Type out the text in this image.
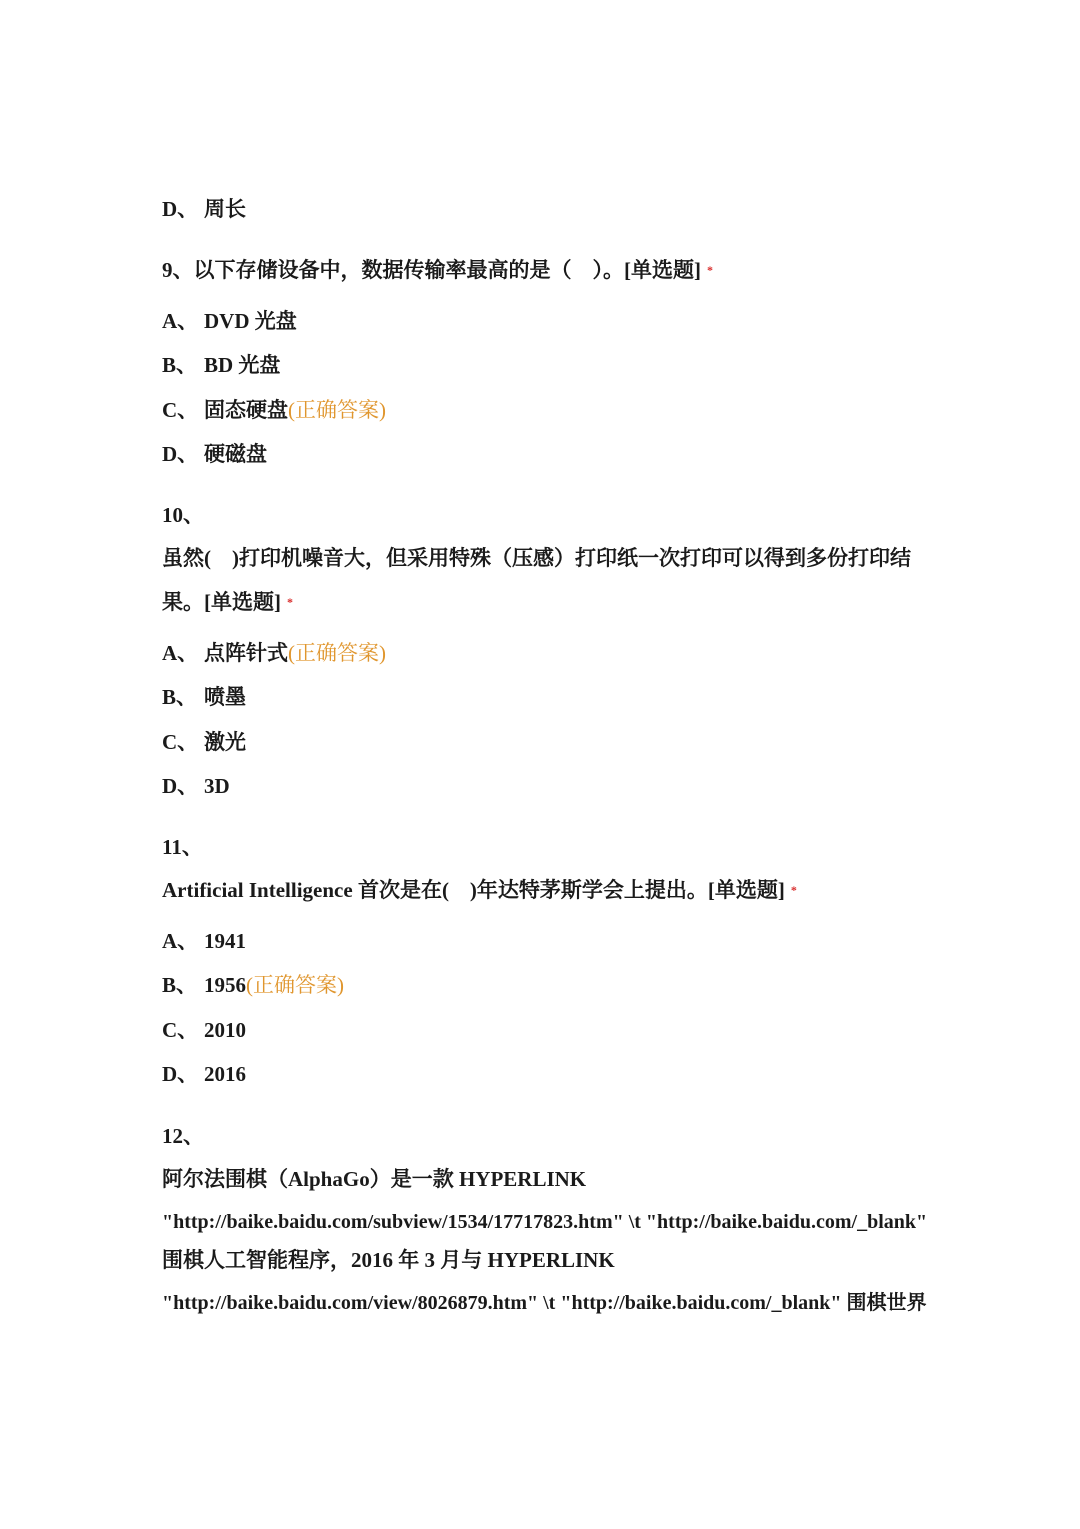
D、 周长
9、以下存储设备中，数据传输率最高的是（　）。[单选题] *
A、 DVD 光盘
B、 BD 光盘
C、 固态硬盘(正确答案)
D、 硬磁盘
10、
虽然(　)打印机噪音大，但采用特殊（压感）打印纸一次打印可以得到多份打印结
果。[单选题] *
A、 点阵针式(正确答案)
B、 喷墨
C、 激光
D、 3D
11、
Artificial Intelligence 首次是在(　)年达特茅斯学会上提出。[单选题] *
A、 1941
B、 1956(正确答案)
C、 2010
D、 2016
12、
阿尔法围棋（AlphaGo）是一款 HYPERLINK
"http://baike.baidu.com/subview/1534/17717823.htm" \t "http://baike.baidu.com/_blank"
围棋人工智能程序，2016 年 3 月与 HYPERLINK
"http://baike.baidu.com/view/8026879.htm" \t "http://baike.baidu.com/_blank" 围棋世界
